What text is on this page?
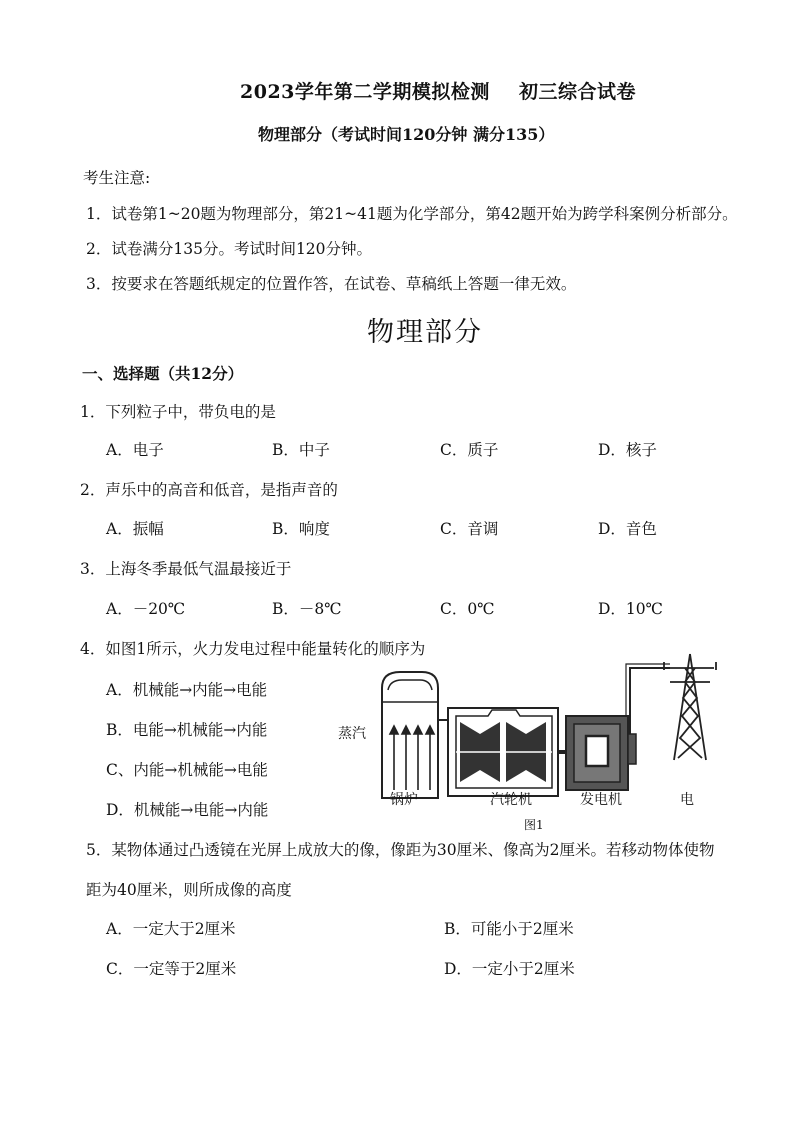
2023学年第二学期模拟检测 初三综合试卷
物理部分（考试时间120分钟 满分135）
考生注意:
1．试卷第1~20题为物理部分，第21~41题为化学部分，第42题开始为跨学科案例分析部分。
2．试卷满分135分。考试时间120分钟。
3．按要求在答题纸规定的位置作答，在试卷、草稿纸上答题一律无效。
物理部分
一、选择题（共12分）
1．下列粒子中，带负电的是
A．电子	B．中子	C．质子	D．核子
2．声乐中的高音和低音，是指声音的
A．振幅	B．响度	C．音调	D．音色
3．上海冬季最低气温最接近于
A．－20℃	B．－8℃	C．0℃	D．10℃
4．如图1所示，火力发电过程中能量转化的顺序为
A．机械能→内能→电能
B．电能→机械能→内能
C、内能→机械能→电能
D．机械能→电能→内能
蒸汽
锅炉	汽轮机	发电机	电
图1
5．某物体通过凸透镜在光屏上成放大的像，像距为30厘米、像高为2厘米。若移动物体使物
距为40厘米，则所成像的高度
A．一定大于2厘米	B．可能小于2厘米
C．一定等于2厘米	D．一定小于2厘米
